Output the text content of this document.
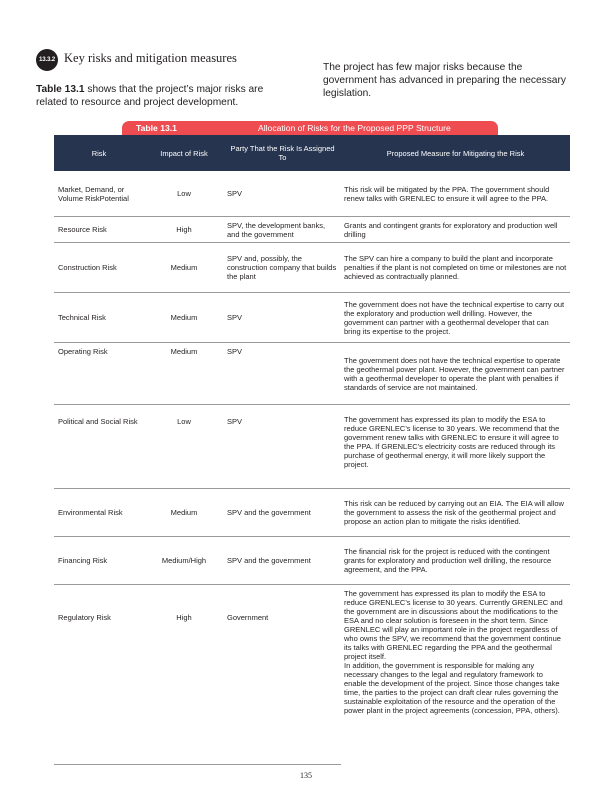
13.3.2 Key risks and mitigation measures
Table 13.1 shows that the project’s major risks are related to resource and project development.
The project has few major risks because the government has advanced in preparing the necessary legislation.
Table 13.1	Allocation of Risks for the Proposed PPP Structure
Risk	Impact of Risk	Party That the Risk Is Assigned To	Proposed Measure for Mitigating the Risk
Market, Demand, or Volume RiskPotential	Low	SPV	This risk will be mitigated by the PPA. The government should renew talks with GRENLEC to ensure it will agree to the PPA.
Resource Risk	High	SPV, the development banks, and the government	Grants and contingent grants for exploratory and production well drilling
Construction Risk	Medium	SPV and, possibly, the construction company that builds the plant	The SPV can hire a company to build the plant and incorporate penalties if the plant is not completed on time or milestones are not achieved as contractually planned.
Technical Risk	Medium	SPV	The government does not have the technical expertise to carry out the exploratory and production well drilling. However, the government can partner with a geothermal developer that can bring its expertise to the project.
Operating Risk	Medium	SPV	The government does not have the technical expertise to operate the geothermal power plant. However, the government can partner with a geothermal developer to operate the plant with penalties if standards of service are not maintained.
Political and Social Risk	Low	SPV	The government has expressed its plan to modify the ESA to reduce GRENLEC’s license to 30 years. We recommend that the government renew talks with GRENLEC to ensure it will agree to the PPA. If GRENLEC’s electricity costs are reduced through its purchase of geothermal energy, it will more likely support the project.
Environmental Risk	Medium	SPV and the government	This risk can be reduced by carrying out an EIA. The EIA will allow the government to assess the risk of the geothermal project and propose an action plan to mitigate the risks identified.
Financing Risk	Medium/High	SPV and the government	The financial risk for the project is reduced with the contingent grants for exploratory and production well drilling, the resource agreement, and the PPA.
Regulatory Risk	High	Government	The government has expressed its plan to modify the ESA to reduce GRENLEC’s license to 30 years. Currently GRENLEC and the government are in discussions about the modifications to the ESA and no clear solution is foreseen in the short term. Since GRENLEC will play an important role in the project regardless of who owns the SPV, we recommend that the government continue its talks with GRENLEC regarding the PPA and the geothermal project itself.
In addition, the government is responsible for making any necessary changes to the legal and regulatory framework to enable the development of the project. Since those changes take time, the parties to the project can draft clear rules governing the sustainable exploitation of the resource and the operation of the power plant in the project agreements (concession, PPA, others).
135
